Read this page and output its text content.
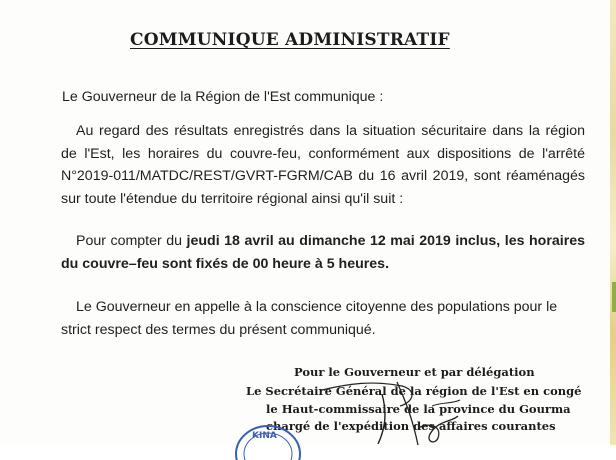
COMMUNIQUE ADMINISTRATIF

Le Gouverneur de la Région de l'Est communique :

Au regard des résultats enregistrés dans la situation sécuritaire dans la région de l'Est, les horaires du couvre-feu, conformément aux dispositions de l'arrêté N°2019-011/MATDC/REST/GVRT-FGRM/CAB du 16 avril 2019, sont réaménagés sur toute l'étendue du territoire régional ainsi qu'il suit :

Pour compter du jeudi 18 avril au dimanche 12 mai 2019 inclus, les horaires du couvre–feu sont fixés de 00 heure à 5 heures.

Le Gouverneur en appelle à la conscience citoyenne des populations pour le strict respect des termes du présent communiqué.

Pour le Gouverneur et par délégation
Le Secrétaire Général de la région de l'Est en congé
le Haut-commissaire de la province du Gourma
chargé de l'expédition des affaires courantes
KINA
